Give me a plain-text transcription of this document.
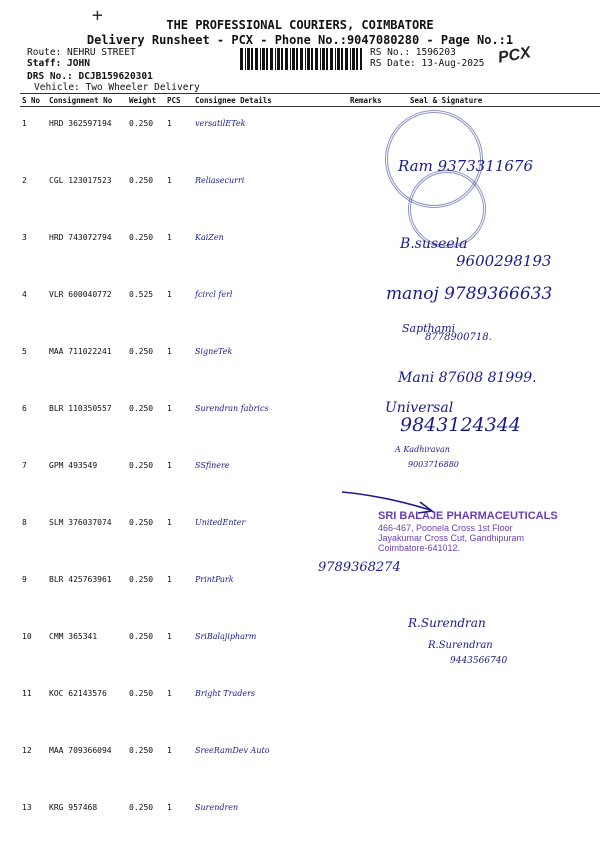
+	THE PROFESSIONAL COURIERS, COIMBATORE
Delivery Runsheet - PCX - Phone No.:9047080280 - Page No.:1
Route: NEHRU STREET
Staff: JOHN
DRS No.: DCJB159620301
Vehicle: Two Wheeler Delivery
RS No.: 1596203
RS Date: 13-Aug-2025 PCX
S No	Consignment No	Weight	PCS	Consignee Details	Remarks	Seal & Signature
1	HRD 362597194	0.250	1	versatilETek		
2	CGL 123017523	0.250	1	Reliasecurri		
3	HRD 743072794	0.250	1	KaiZen		
4	VLR 600040772	0.525	1	fcircl ferl		
5	MAA 711022241	0.250	1	SigneTek		
6	BLR 110350557	0.250	1	Surendran fabrics		
7	GPM 493549	0.250	1	SSfinere		
8	SLM 376037074	0.250	1	UnitedEnter		
9	BLR 425763961	0.250	1	PrintPark		
10	CMM 365341	0.250	1	SriBalajipharm		
11	KOC 62143576	0.250	1	Bright Traders		
12	MAA 709366094	0.250	1	SreeRamDev Auto		
13	KRG 957468	0.250	1	Surendren		
SRI BALAJE PHARMACEUTICALS
466-467, Poonela Cross 1st Floor
Jayakumar Cross Cut, Gandhipuram
Coimbatore-641012.
Ram 9373311676
B.suseela
9600298193
manoj 9789366633
Sapthami
8778900718.
Mani 87608 81999.
Universal
9843124344
A Kadhiravan
9003716880
9789368274
R.Surendran
R.Surendran
9443566740
